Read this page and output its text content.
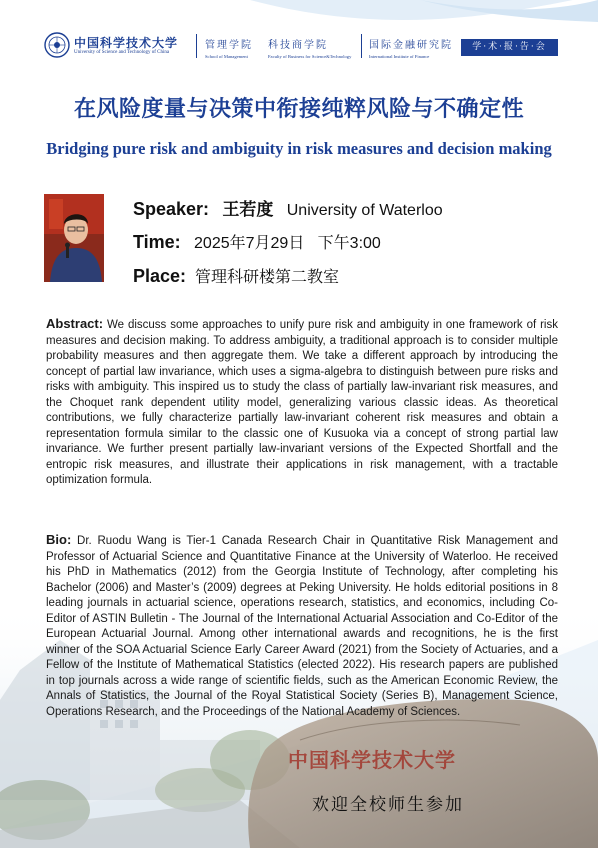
中国科学技术大学
中国科学技术大学
University of Science and Technology of China
管理学院
School of Management
科技商学院
Faculty of Business for Science&Technology
国际金融研究院
International Institute of Finance
学·术·报·告·会
在风险度量与决策中衔接纯粹风险与不确定性
Bridging pure risk and ambiguity in risk measures and decision making
Speaker: 王若度 University of Waterloo
Time: 2025年7月29日 下午3:00
Place: 管理科研楼第二教室
Abstract: We discuss some approaches to unify pure risk and ambiguity in one framework of risk measures and decision making. To address ambiguity, a traditional approach is to consider multiple probability measures and then aggregate them. We take a different approach by introducing the concept of partial law invariance, which uses a sigma-algebra to distinguish between pure risks and risks with ambiguity. This inspired us to study the class of partially law-invariant risk measures, and the Choquet rank dependent utility model, generalizing various classic ideas. As theoretical contributions, we fully characterize partially law-invariant coherent risk measures and obtain a representation formula similar to the classic one of Kusuoka via a concept of strong partial law invariance. We further present partially law-invariant versions of the Expected Shortfall and the entropic risk measures, and illustrate their applications in risk management, with a tractable optimization formula.
Bio: Dr. Ruodu Wang is Tier-1 Canada Research Chair in Quantitative Risk Management and Professor of Actuarial Science and Quantitative Finance at the University of Waterloo. He received his PhD in Mathematics (2012) from the Georgia Institute of Technology, after completing his Bachelor (2006) and Master’s (2009) degrees at Peking University. He holds editorial positions in 8 leading journals in actuarial science, operations research, statistics, and economics, including Co-Editor of ASTIN Bulletin - The Journal of the International Actuarial Association and Co-Editor of the European Actuarial Journal. Among other international awards and recognitions, he is the first winner of the SOA Actuarial Science Early Career Award (2021) from the Society of Actuaries, and a Fellow of the Institute of Mathematical Statistics (elected 2022). His research papers are published in top journals across a wide range of scientific fields, such as the American Economic Review, the Annals of Statistics, the Journal of the Royal Statistical Society (Series B), Management Science, Operations Research, and the Proceedings of the National Academy of Sciences.
欢迎全校师生参加
